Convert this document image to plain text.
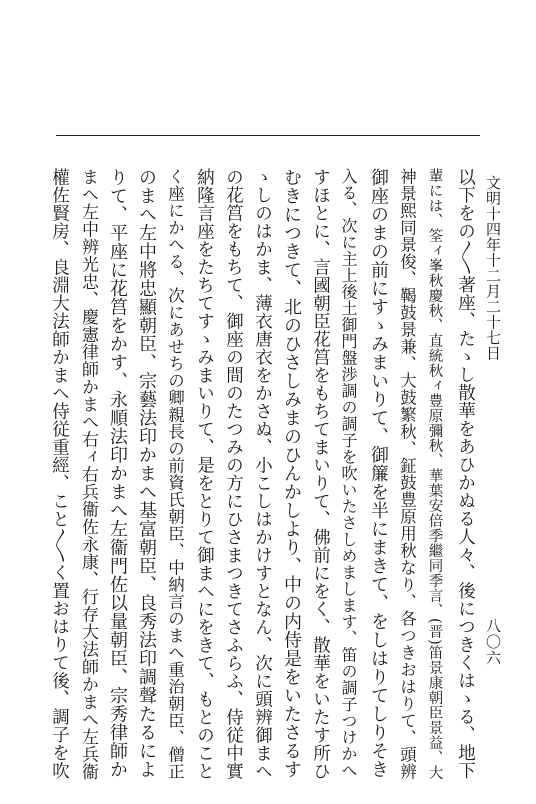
文明十四年十二月二十七日
八〇六
以下をの〳〵著座、たゝし散華をあひかぬる人々、後につきくはゝる、地下
輩には、筌ィ峯秋慶秋、直統秋ィ豊原彌秋、華葉安倍季繼同季言、(晋)笛景康朝臣景益、大
神景熙同景俊、鞨鼓景兼、大鼓繁秋、鉦鼓豊原用秋なり、各つきおはりて、頭辨
御座のまの前にすゝみまいりて、御簾を半にまきて、をしはりてしりそき
入る、次に主上後土御門盤渉調の調子を吹いたさしめまします、笛の調子つけかへ
すほとに、言國朝臣花筥をもちてまいりて、佛前にをく、散華をいたす所ひ
むきにつきて、北のひさしみまのひんかしより、中の内侍是をいたさるす
ゝしのはかま、薄衣唐衣をかさぬ、小こしはかけすとなん、次に頭辨御まへ
の花筥をもちて、御座の間のたつみの方にひさまつきてさふらふ、侍従中實
納隆言座をたちてすゝみまいりて、是をとりて御まへにをきて、もとのこと
く座にかへる、次にあせちの卿親長の前資氏朝臣、中納言のまへ重治朝臣、僧正
のまへ左中將忠顯朝臣、宗藝法印かまへ基富朝臣、良秀法印調聲たるによ
りて、平座に花筥をかす、永順法印かまへ左衞門佐以量朝臣、宗秀律師か
まへ左中辨光忠、慶憲律師かまへ右ィ右兵衞佐永康、行存大法師かまへ左兵衞
權佐賢房、良淵大法師かまへ侍従重經、こと〳〵く置おはりて後、調子を吹
